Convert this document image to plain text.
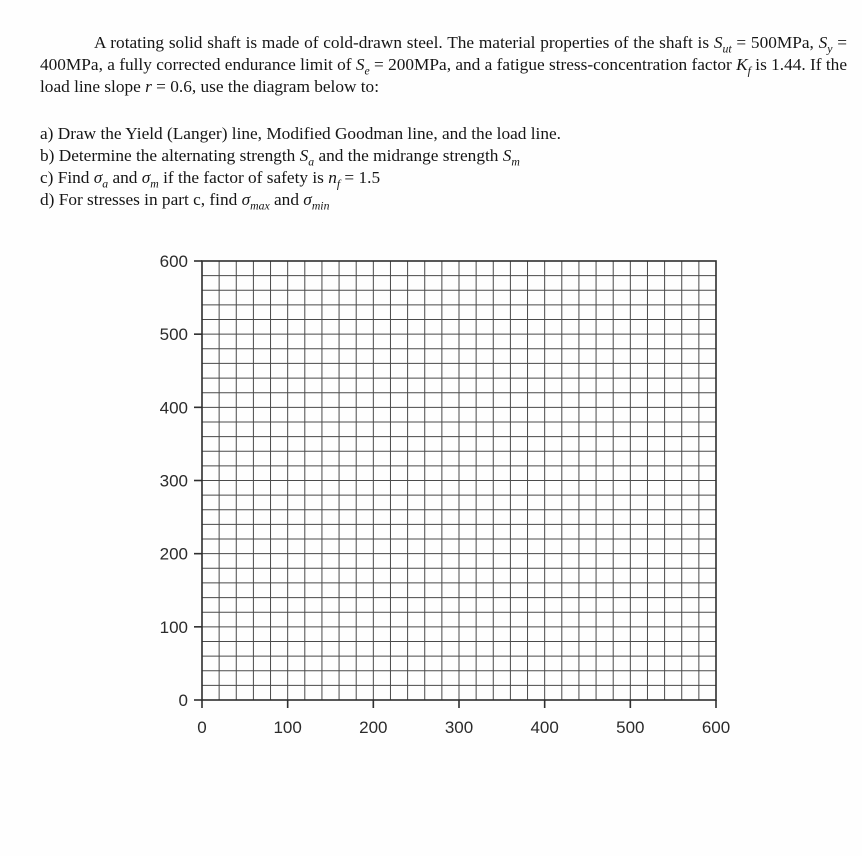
A rotating solid shaft is made of cold-drawn steel. The material properties of the shaft is $S_{ut} = 500MPa$, $S_y = 400MPa$, a fully corrected endurance limit of $S_e = 200MPa$, and a fatigue stress-concentration factor $K_f$ is 1.44. If the load line slope r = 0.6, use the diagram below to:
a) Draw the Yield (Langer) line, Modified Goodman line, and the load line.
b) Determine the alternating strength $S_a$ and the midrange strength $S_m$
c) Find $\sigma_a$ and $\sigma_m$ if the factor of safety is $n_f = 1.5$
d) For stresses in part c, find $\sigma_{max}$ and $\sigma_{min}$
0	100	200	300	400	500	600
600
500
400
300
200
100
0
